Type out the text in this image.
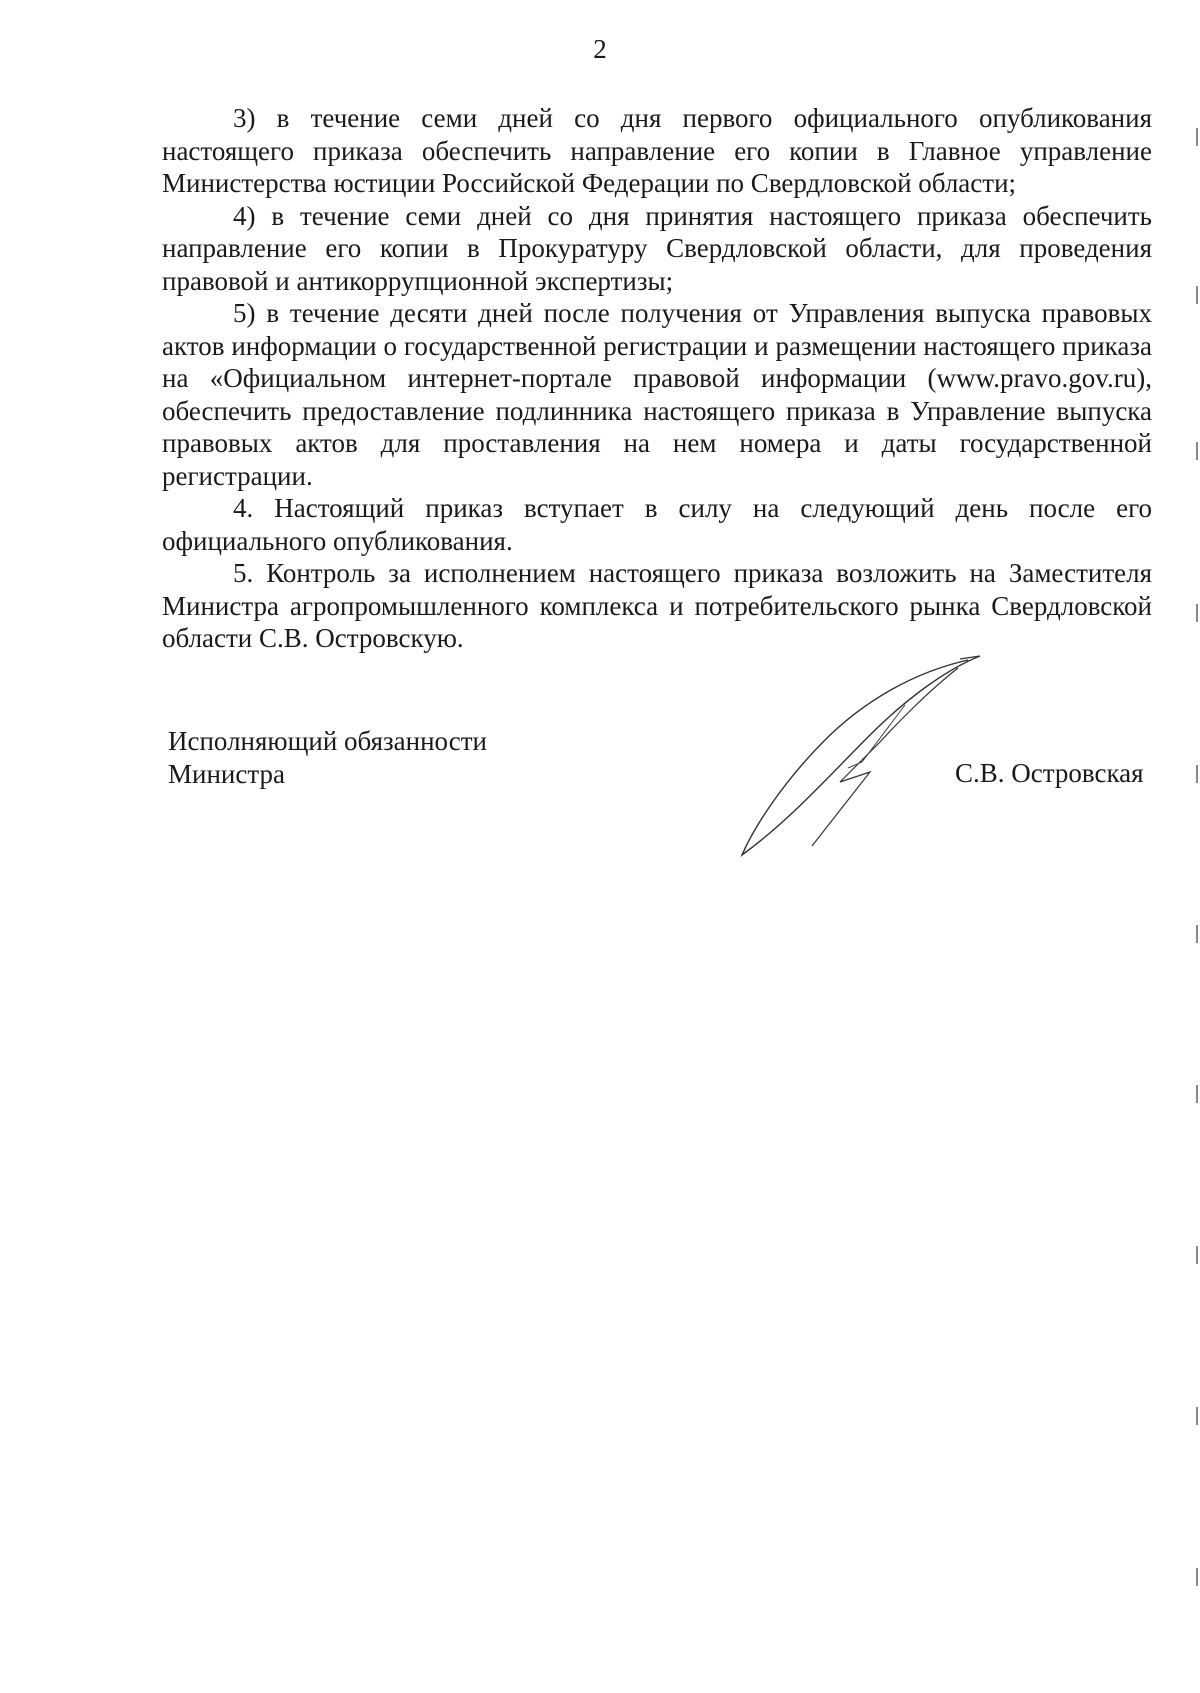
2

3) в течение семи дней со дня первого официального опубликования настоящего приказа обеспечить направление его копии в Главное управление Министерства юстиции Российской Федерации по Свердловской области;

4) в течение семи дней со дня принятия настоящего приказа обеспечить направление его копии в Прокуратуру Свердловской области, для проведения правовой и антикоррупционной экспертизы;

5) в течение десяти дней после получения от Управления выпуска правовых актов информации о государственной регистрации и размещении настоящего приказа на «Официальном интернет-портале правовой информации (www.pravo.gov.ru), обеспечить предоставление подлинника настоящего приказа в Управление выпуска правовых актов для проставления на нем номера и даты государственной регистрации.

4. Настоящий приказ вступает в силу на следующий день после его официального опубликования.

5. Контроль за исполнением настоящего приказа возложить на Заместителя Министра агропромышленного комплекса и потребительского рынка Свердловской области С.В. Островскую.

Исполняющий обязанности
Министра	С.В. Островская
